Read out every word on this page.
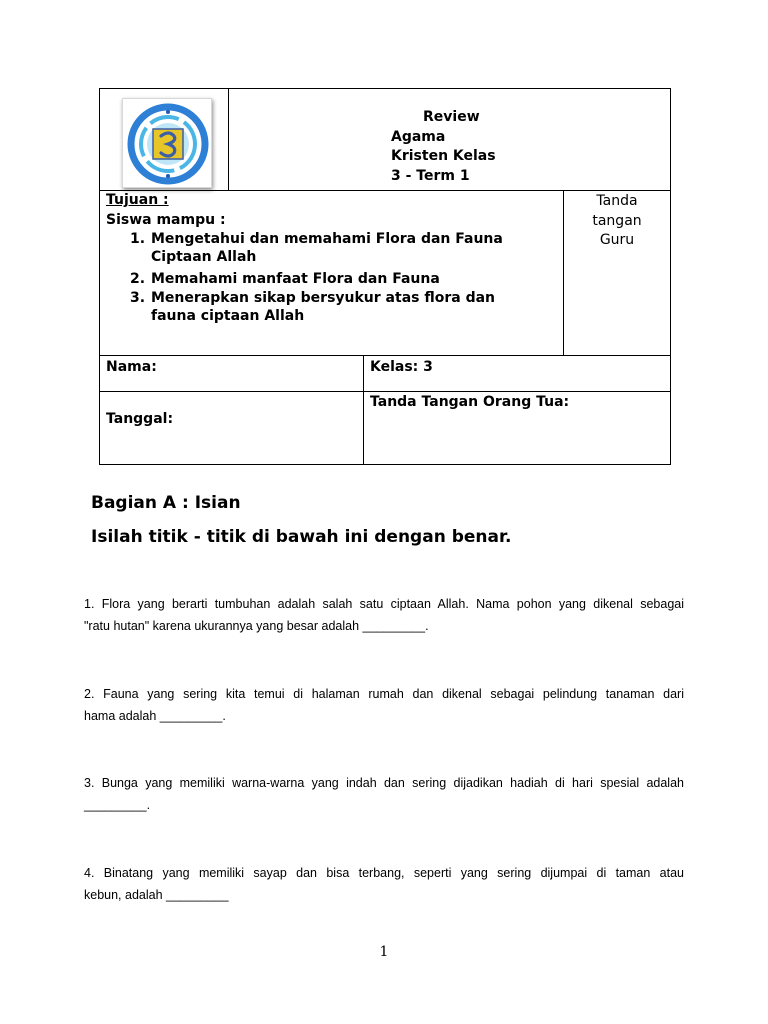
Review
Agama
Kristen Kelas
3 - Term 1
Tujuan :
Siswa mampu :
1. Mengetahui dan memahami Flora dan Fauna Ciptaan Allah
2. Memahami manfaat Flora dan Fauna
3. Menerapkan sikap bersyukur atas flora dan fauna ciptaan Allah
Tanda
tangan
Guru
Nama:	Kelas: 3
Tanggal:
Tanda Tangan Orang Tua:
Bagian A : Isian
Isilah titik - titik di bawah ini dengan benar.
1. Flora yang berarti tumbuhan adalah salah satu ciptaan Allah. Nama pohon yang dikenal sebagai
"ratu hutan" karena ukurannya yang besar adalah _________.
2. Fauna yang sering kita temui di halaman rumah dan dikenal sebagai pelindung tanaman dari
hama adalah _________.
3. Bunga yang memiliki warna-warna yang indah dan sering dijadikan hadiah di hari spesial adalah
_________.
4. Binatang yang memiliki sayap dan bisa terbang, seperti yang sering dijumpai di taman atau
kebun, adalah _________
1
